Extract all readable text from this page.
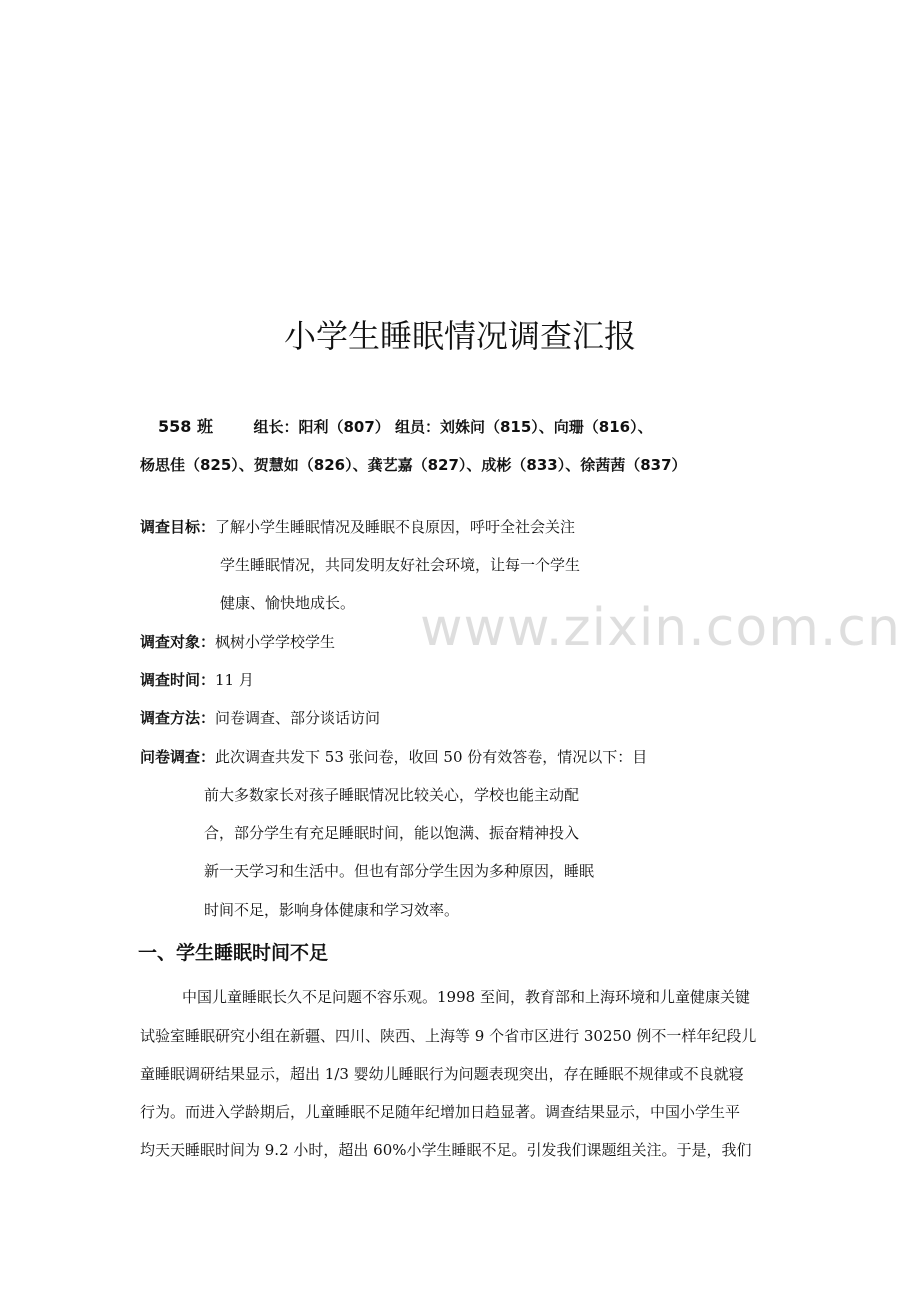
小学生睡眠情况调查汇报
558 班	组长：阳利（807） 组员：刘姝问（815）、向珊（816）、
杨思佳（825）、贺慧如（826）、龚艺嘉（827）、成彬（833）、徐茜茜（837）
调查目标：了解小学生睡眠情况及睡眠不良原因，呼吁全社会关注
学生睡眠情况，共同发明友好社会环境，让每一个学生
健康、愉快地成长。
调查对象：枫树小学学校学生
调查时间：11 月
调查方法：问卷调查、部分谈话访问
问卷调查：此次调查共发下 53 张问卷，收回 50 份有效答卷，情况以下：目
前大多数家长对孩子睡眠情况比较关心，学校也能主动配
合，部分学生有充足睡眠时间，能以饱满、振奋精神投入
新一天学习和生活中。但也有部分学生因为多种原因，睡眠
时间不足，影响身体健康和学习效率。
一、学生睡眠时间不足
中国儿童睡眠长久不足问题不容乐观。1998 至间，教育部和上海环境和儿童健康关键
试验室睡眠研究小组在新疆、四川、陕西、上海等 9 个省市区进行 30250 例不一样年纪段儿
童睡眠调研结果显示，超出 1/3 婴幼儿睡眠行为问题表现突出，存在睡眠不规律或不良就寝
行为。而进入学龄期后，儿童睡眠不足随年纪增加日趋显著。调查结果显示，中国小学生平
均天天睡眠时间为 9.2 小时，超出 60%小学生睡眠不足。引发我们课题组关注。于是，我们
www.zixin.com.cn
